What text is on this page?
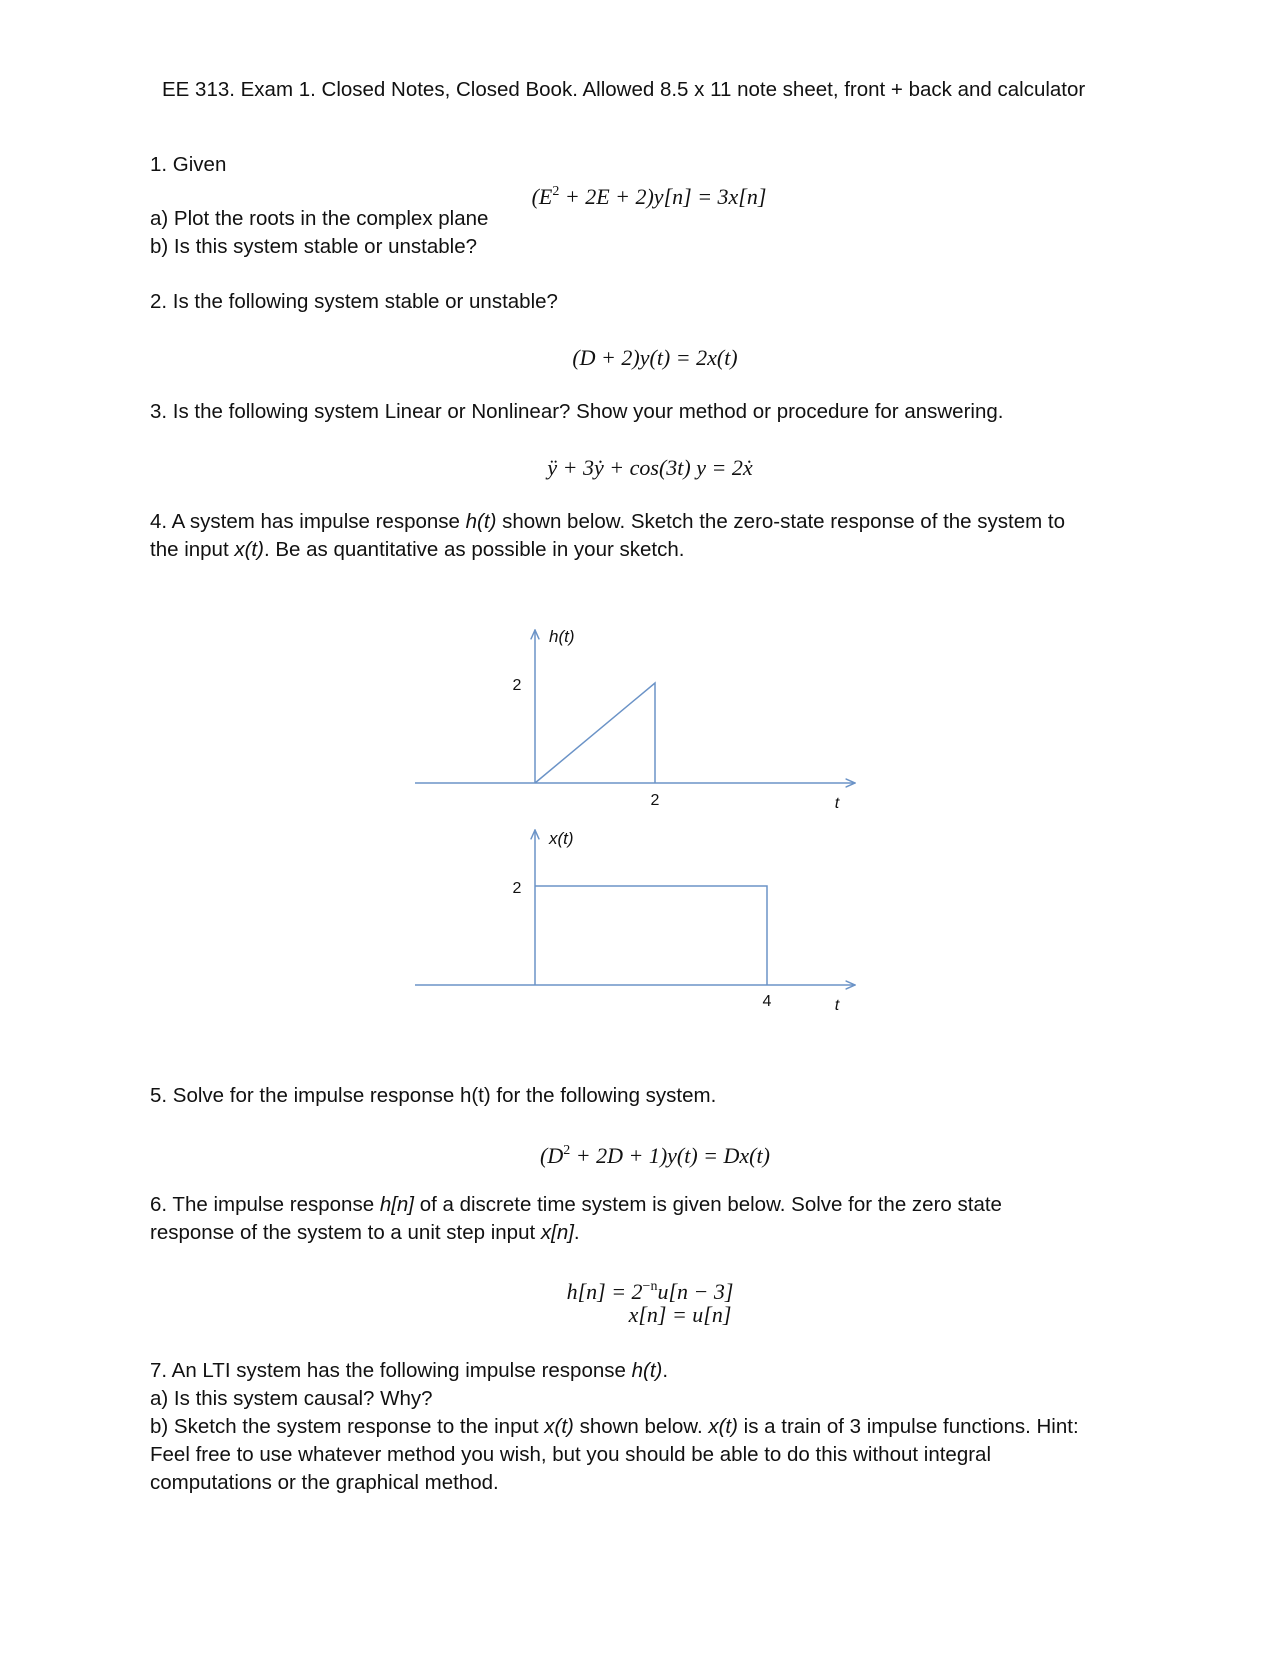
EE 313. Exam 1. Closed Notes, Closed Book. Allowed 8.5 x 11 note sheet, front + back and calculator
1. Given
$(E^2 + 2E + 2)y[n] = 3x[n]$
a) Plot the roots in the complex plane
b) Is this system stable or unstable?
2. Is the following system stable or unstable?
(D + 2)y(t) = 2x(t)
3. Is the following system Linear or Nonlinear? Show your method or procedure for answering.
ÿ + 3ẏ + cos(3t) y = 2ẋ
4. A system has impulse response h(t) shown below. Sketch the zero-state response of the system to
the input x(t). Be as quantitative as possible in your sketch.
h(t)
2
2	t
x(t)
2
4	t
5. Solve for the impulse response h(t) for the following system.
$(D^2 + 2D + 1)y(t) = Dx(t)$
6. The impulse response h[n] of a discrete time system is given below. Solve for the zero state
response of the system to a unit step input x[n].
$h[n] = 2^{-n}u[n - 3]$
x[n] = u[n]
7. An LTI system has the following impulse response h(t).
a) Is this system causal? Why?
b) Sketch the system response to the input x(t) shown below. x(t) is a train of 3 impulse functions. Hint:
Feel free to use whatever method you wish, but you should be able to do this without integral
computations or the graphical method.
